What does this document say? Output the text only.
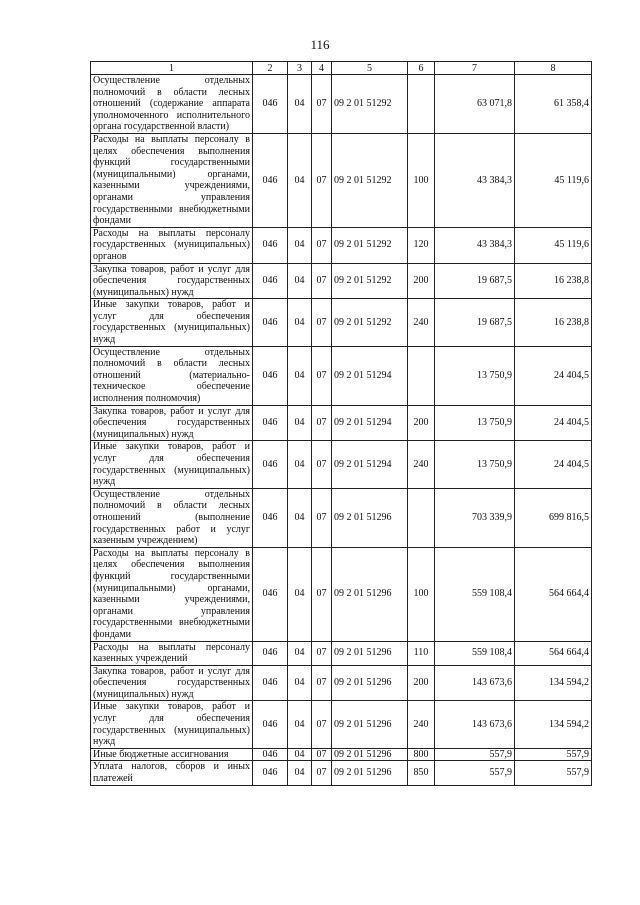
116
1	2	3	4	5	6	7	8
Осуществление отдельных полномочий в области лесных отношений (содержание аппарата уполномоченного исполнительного органа государственной власти)	046	04	07	09 2 01 51292		63 071,8	61 358,4
Расходы на выплаты персоналу в целях обеспечения выполнения функций государственными (муниципальными) органами, казенными учреждениями, органами управления государственными внебюджетными фондами	046	04	07	09 2 01 51292	100	43 384,3	45 119,6
Расходы на выплаты персоналу государственных (муниципальных) органов	046	04	07	09 2 01 51292	120	43 384,3	45 119,6
Закупка товаров, работ и услуг для обеспечения государственных (муниципальных) нужд	046	04	07	09 2 01 51292	200	19 687,5	16 238,8
Иные закупки товаров, работ и услуг для обеспечения государственных (муниципальных) нужд	046	04	07	09 2 01 51292	240	19 687,5	16 238,8
Осуществление отдельных полномочий в области лесных отношений (материально-техническое обеспечение исполнения полномочия)	046	04	07	09 2 01 51294		13 750,9	24 404,5
Закупка товаров, работ и услуг для обеспечения государственных (муниципальных) нужд	046	04	07	09 2 01 51294	200	13 750,9	24 404,5
Иные закупки товаров, работ и услуг для обеспечения государственных (муниципальных) нужд	046	04	07	09 2 01 51294	240	13 750,9	24 404,5
Осуществление отдельных полномочий в области лесных отношений (выполнение государственных работ и услуг казенным учреждением)	046	04	07	09 2 01 51296		703 339,9	699 816,5
Расходы на выплаты персоналу в целях обеспечения выполнения функций государственными (муниципальными) органами, казенными учреждениями, органами управления государственными внебюджетными фондами	046	04	07	09 2 01 51296	100	559 108,4	564 664,4
Расходы на выплаты персоналу казенных учреждений	046	04	07	09 2 01 51296	110	559 108,4	564 664,4
Закупка товаров, работ и услуг для обеспечения государственных (муниципальных) нужд	046	04	07	09 2 01 51296	200	143 673,6	134 594,2
Иные закупки товаров, работ и услуг для обеспечения государственных (муниципальных) нужд	046	04	07	09 2 01 51296	240	143 673,6	134 594,2
Иные бюджетные ассигнования	046	04	07	09 2 01 51296	800	557,9	557,9
Уплата налогов, сборов и иных платежей	046	04	07	09 2 01 51296	850	557,9	557,9
